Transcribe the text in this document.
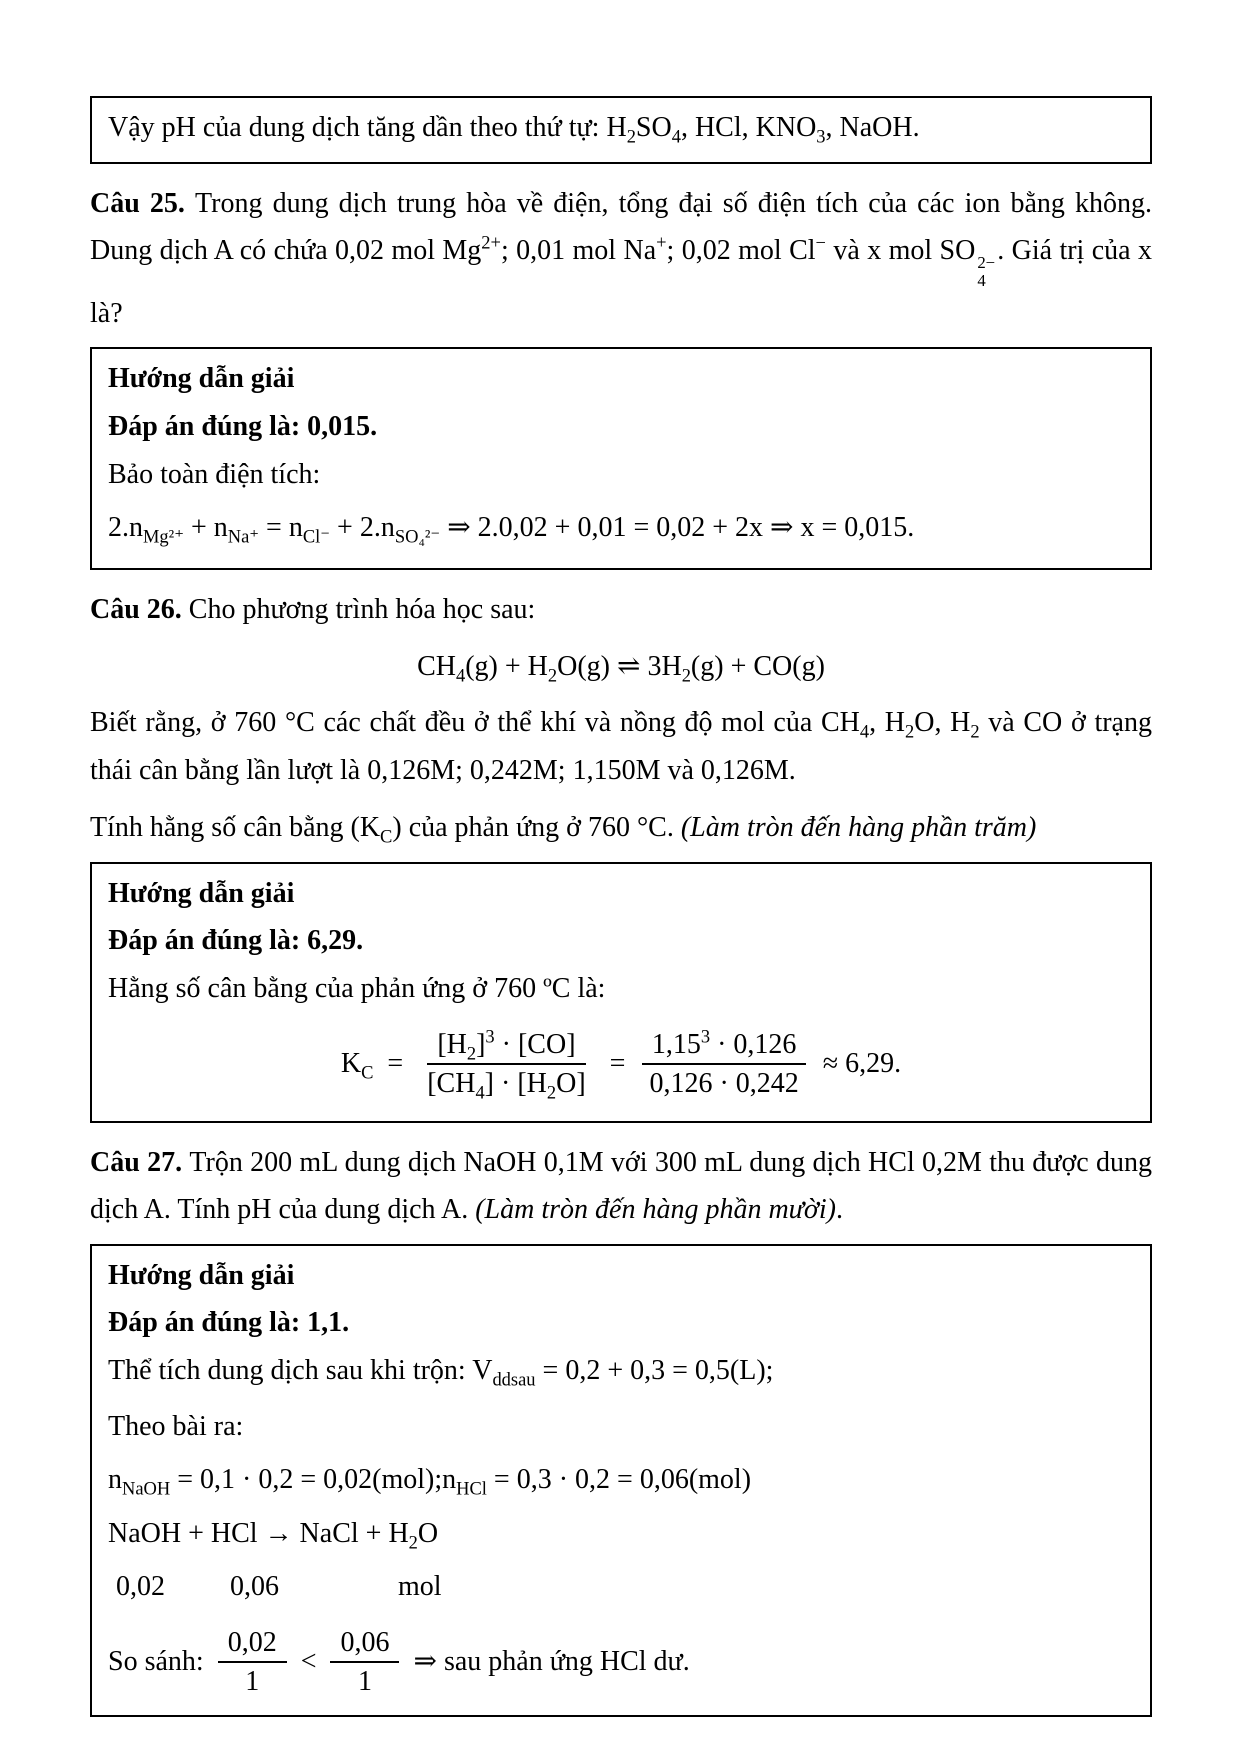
Vậy pH của dung dịch tăng dần theo thứ tự: $H_2SO_4$, HCl, $KNO_3$, NaOH.

Câu 25. Trong dung dịch trung hòa về điện, tổng đại số điện tích của các ion bằng không. Dung dịch A có chứa 0,02 mol $Mg^{2+}$; 0,01 mol Na+; 0,02 mol Cl− và x mol SO 2−
4
. Giá trị của x là?

Hướng dẫn giải

Đáp án đúng là: 0,015.

Bảo toàn điện tích:

$2.n_{Mg^{2+}} + n_{Na^+} = n_{Cl^-} + 2.n_{SO_4^{2-}}$ ⇒ 2.0,02 + 0,01 = 0,02 + 2x ⇒ x = 0,015.

Câu 26. Cho phương trình hóa học sau:

$CH_4(g) + H_2O(g)$ ⇌ $3H_2(g) + CO(g)$

Biết rằng, ở 760 °C các chất đều ở thể khí và nồng độ mol của $CH_4$, $H_2O$, $H_2$ và CO ở trạng thái cân bằng lần lượt là 0,126M; 0,242M; 1,150M và 0,126M.

Tính hằng số cân bằng $(K_C)$ của phản ứng ở 760 °C. (Làm tròn đến hàng phần trăm)

Hướng dẫn giải

Đáp án đúng là: 6,29.

Hằng số cân bằng của phản ứng ở 760 ºC là:

$K_C = \frac{[H_2]^3 \cdot [CO]}{[CH_4] \cdot [H_2O]} = \frac{1,15^3 \cdot 0,126}{0,126 \cdot 0,242} \approx 6,29$.

Câu 27. Trộn 200 mL dung dịch NaOH 0,1M với 300 mL dung dịch HCl 0,2M thu được dung dịch A. Tính pH của dung dịch A. (Làm tròn đến hàng phần mười).

Hướng dẫn giải

Đáp án đúng là: 1,1.

Thể tích dung dịch sau khi trộn: $V_{ddsau} = 0,2 + 0,3 = 0,5(L)$;

Theo bài ra:

$n_{NaOH} = 0,1 \cdot 0,2$ = $0,02(mol);n_{HCl} = 0,3 \cdot 0,2 = 0,06(mol)$

NaOH + HCl → NaCl + $H_2O$

0,02 0,06	mol

So sánh: $\frac{0,02}{1} < \frac{0,06}{1}$ ⇒ sau phản ứng HCl dư.
